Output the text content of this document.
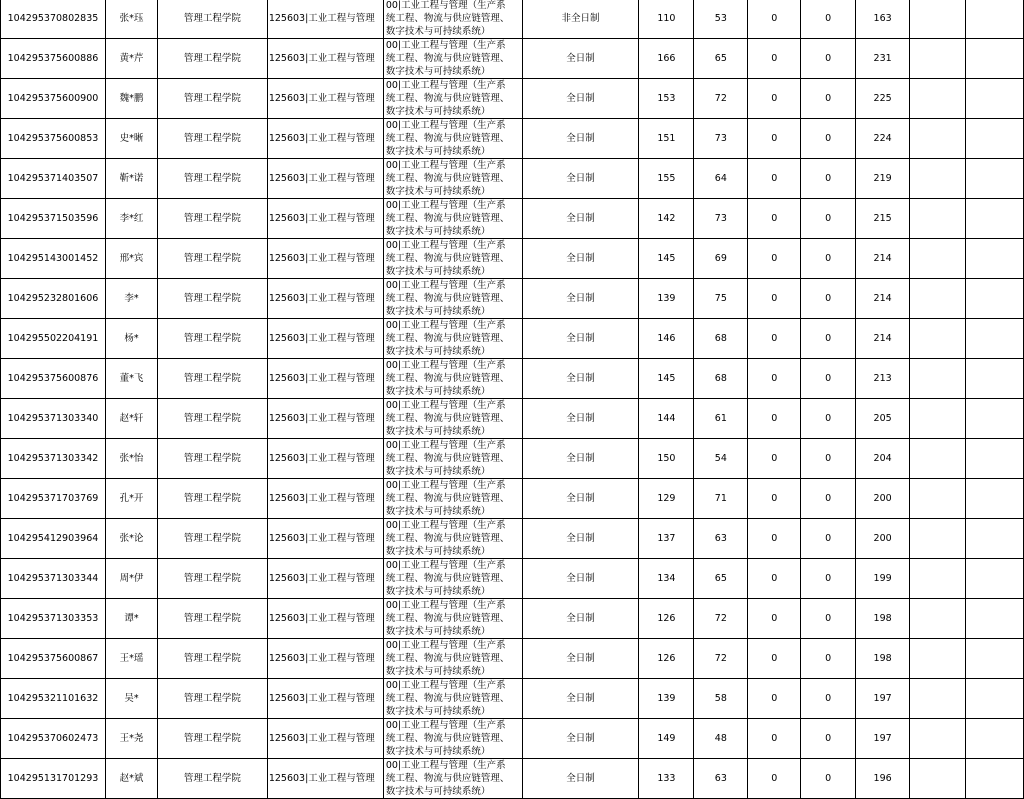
104295370802835	张*珏	管理工程学院	125603|工业工程与管理	00|工业工程与管理（生产系
统工程、物流与供应链管理、
数字技术与可持续系统）	非全日制	110	53	0	0	163		
104295375600886	黄*芹	管理工程学院	125603|工业工程与管理	00|工业工程与管理（生产系
统工程、物流与供应链管理、
数字技术与可持续系统）	全日制	166	65	0	0	231		
104295375600900	魏*鹏	管理工程学院	125603|工业工程与管理	00|工业工程与管理（生产系
统工程、物流与供应链管理、
数字技术与可持续系统）	全日制	153	72	0	0	225		
104295375600853	史*晰	管理工程学院	125603|工业工程与管理	00|工业工程与管理（生产系
统工程、物流与供应链管理、
数字技术与可持续系统）	全日制	151	73	0	0	224		
104295371403507	靳*诺	管理工程学院	125603|工业工程与管理	00|工业工程与管理（生产系
统工程、物流与供应链管理、
数字技术与可持续系统）	全日制	155	64	0	0	219		
104295371503596	李*红	管理工程学院	125603|工业工程与管理	00|工业工程与管理（生产系
统工程、物流与供应链管理、
数字技术与可持续系统）	全日制	142	73	0	0	215		
104295143001452	邢*宾	管理工程学院	125603|工业工程与管理	00|工业工程与管理（生产系
统工程、物流与供应链管理、
数字技术与可持续系统）	全日制	145	69	0	0	214		
104295232801606	李*	管理工程学院	125603|工业工程与管理	00|工业工程与管理（生产系
统工程、物流与供应链管理、
数字技术与可持续系统）	全日制	139	75	0	0	214		
104295502204191	杨*	管理工程学院	125603|工业工程与管理	00|工业工程与管理（生产系
统工程、物流与供应链管理、
数字技术与可持续系统）	全日制	146	68	0	0	214		
104295375600876	董*飞	管理工程学院	125603|工业工程与管理	00|工业工程与管理（生产系
统工程、物流与供应链管理、
数字技术与可持续系统）	全日制	145	68	0	0	213		
104295371303340	赵*轩	管理工程学院	125603|工业工程与管理	00|工业工程与管理（生产系
统工程、物流与供应链管理、
数字技术与可持续系统）	全日制	144	61	0	0	205		
104295371303342	张*怡	管理工程学院	125603|工业工程与管理	00|工业工程与管理（生产系
统工程、物流与供应链管理、
数字技术与可持续系统）	全日制	150	54	0	0	204		
104295371703769	孔*开	管理工程学院	125603|工业工程与管理	00|工业工程与管理（生产系
统工程、物流与供应链管理、
数字技术与可持续系统）	全日制	129	71	0	0	200		
104295412903964	张*论	管理工程学院	125603|工业工程与管理	00|工业工程与管理（生产系
统工程、物流与供应链管理、
数字技术与可持续系统）	全日制	137	63	0	0	200		
104295371303344	周*伊	管理工程学院	125603|工业工程与管理	00|工业工程与管理（生产系
统工程、物流与供应链管理、
数字技术与可持续系统）	全日制	134	65	0	0	199		
104295371303353	谭*	管理工程学院	125603|工业工程与管理	00|工业工程与管理（生产系
统工程、物流与供应链管理、
数字技术与可持续系统）	全日制	126	72	0	0	198		
104295375600867	王*瑶	管理工程学院	125603|工业工程与管理	00|工业工程与管理（生产系
统工程、物流与供应链管理、
数字技术与可持续系统）	全日制	126	72	0	0	198		
104295321101632	吴*	管理工程学院	125603|工业工程与管理	00|工业工程与管理（生产系
统工程、物流与供应链管理、
数字技术与可持续系统）	全日制	139	58	0	0	197		
104295370602473	王*尧	管理工程学院	125603|工业工程与管理	00|工业工程与管理（生产系
统工程、物流与供应链管理、
数字技术与可持续系统）	全日制	149	48	0	0	197		
104295131701293	赵*斌	管理工程学院	125603|工业工程与管理	00|工业工程与管理（生产系
统工程、物流与供应链管理、
数字技术与可持续系统）	全日制	133	63	0	0	196		
